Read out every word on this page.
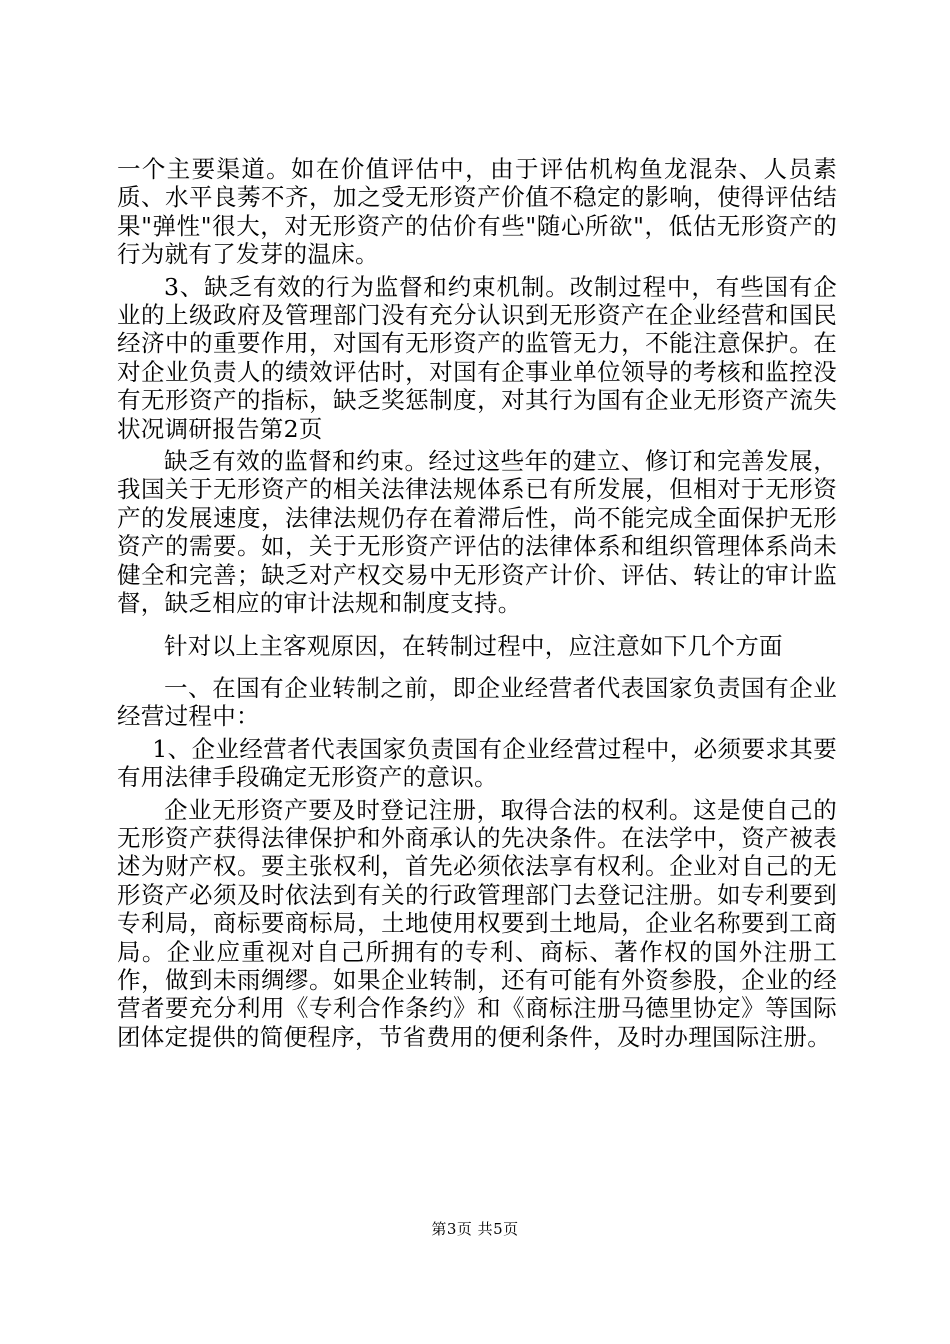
一个主要渠道。如在价值评估中，由于评估机构鱼龙混杂、人员素质、水平良莠不齐，加之受无形资产价值不稳定的影响，使得评估结果"弹性"很大，对无形资产的估价有些"随心所欲"，低估无形资产的行为就有了发芽的温床。

3、缺乏有效的行为监督和约束机制。改制过程中，有些国有企业的上级政府及管理部门没有充分认识到无形资产在企业经营和国民经济中的重要作用，对国有无形资产的监管无力，不能注意保护。在对企业负责人的绩效评估时，对国有企事业单位领导的考核和监控没有无形资产的指标，缺乏奖惩制度，对其行为国有企业无形资产流失状况调研报告第2页

缺乏有效的监督和约束。经过这些年的建立、修订和完善发展，我国关于无形资产的相关法律法规体系已有所发展，但相对于无形资产的发展速度，法律法规仍存在着滞后性，尚不能完成全面保护无形资产的需要。如，关于无形资产评估的法律体系和组织管理体系尚未健全和完善；缺乏对产权交易中无形资产计价、评估、转让的审计监督，缺乏相应的审计法规和制度支持。

针对以上主客观原因，在转制过程中，应注意如下几个方面

一、在国有企业转制之前，即企业经营者代表国家负责国有企业经营过程中：

1、企业经营者代表国家负责国有企业经营过程中，必须要求其要有用法律手段确定无形资产的意识。

企业无形资产要及时登记注册，取得合法的权利。这是使自己的无形资产获得法律保护和外商承认的先决条件。在法学中，资产被表述为财产权。要主张权利，首先必须依法享有权利。企业对自己的无形资产必须及时依法到有关的行政管理部门去登记注册。如专利要到专利局，商标要商标局，土地使用权要到土地局，企业名称要到工商局。企业应重视对自己所拥有的专利、商标、著作权的国外注册工作，做到未雨绸缪。如果企业转制，还有可能有外资参股，企业的经营者要充分利用《专利合作条约》和《商标注册马德里协定》等国际团体定提供的简便程序，节省费用的便利条件，及时办理国际注册。

第3页 共5页
